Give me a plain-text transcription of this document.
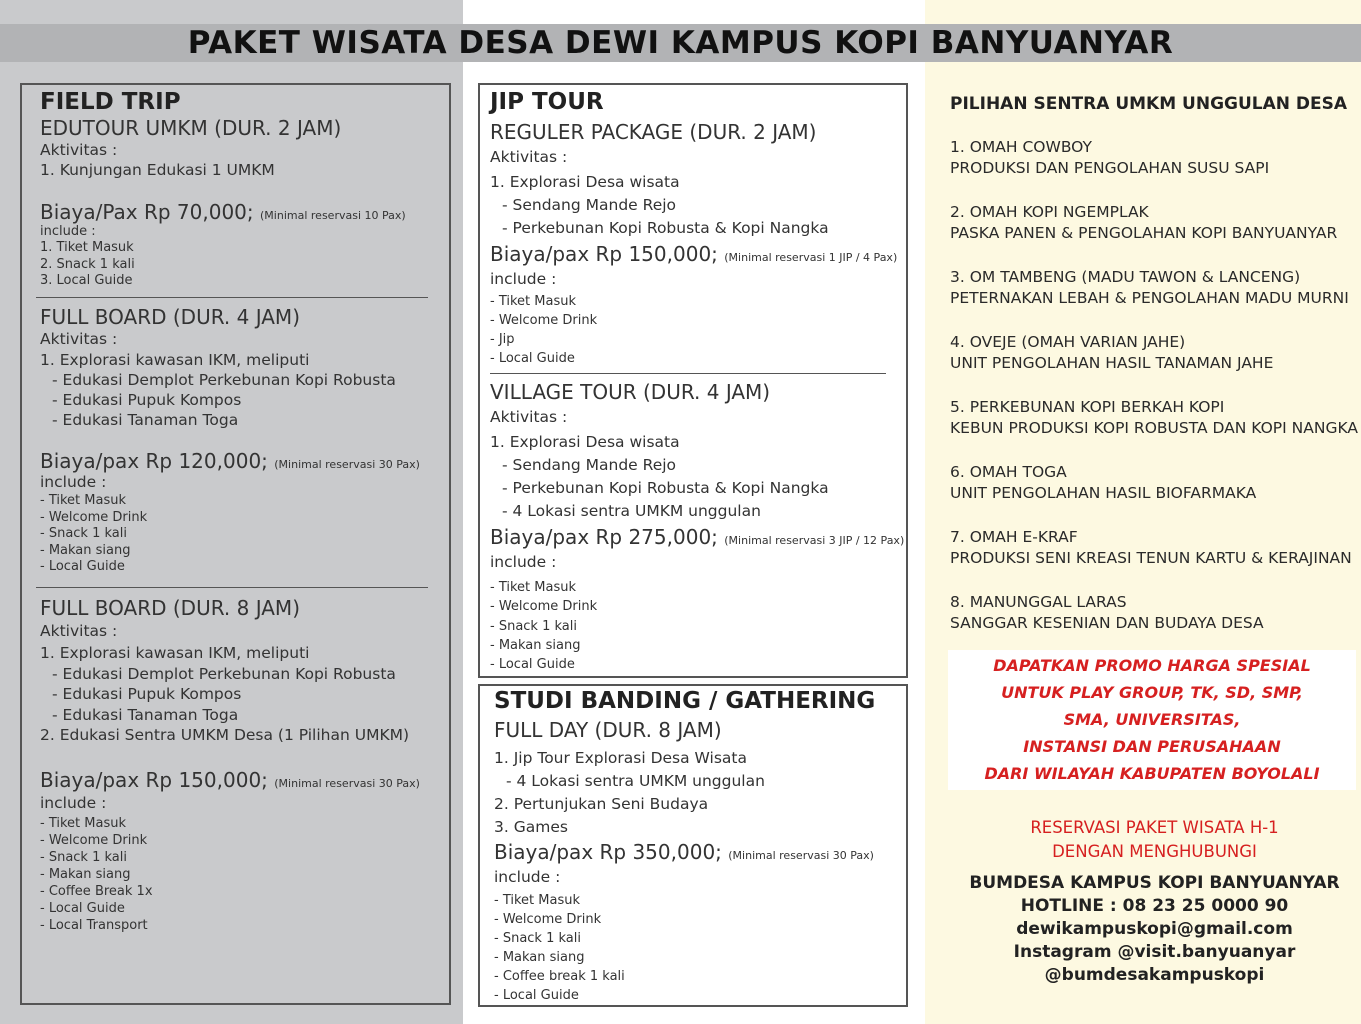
PAKET WISATA DESA DEWI KAMPUS KOPI BANYUANYAR
FIELD TRIP
EDUTOUR UMKM (DUR. 2 JAM)
Aktivitas :
1. Kunjungan Edukasi 1 UMKM
Biaya/Pax Rp 70,000; (Minimal reservasi 10 Pax)
include :
1. Tiket Masuk
2. Snack 1 kali
3. Local Guide
FULL BOARD (DUR. 4 JAM)
Aktivitas :
1. Explorasi kawasan IKM, meliputi
- Edukasi Demplot Perkebunan Kopi Robusta
- Edukasi Pupuk Kompos
- Edukasi Tanaman Toga
Biaya/pax Rp 120,000; (Minimal reservasi 30 Pax)
include :
- Tiket Masuk
- Welcome Drink
- Snack 1 kali
- Makan siang
- Local Guide
FULL BOARD (DUR. 8 JAM)
Aktivitas :
1. Explorasi kawasan IKM, meliputi
- Edukasi Demplot Perkebunan Kopi Robusta
- Edukasi Pupuk Kompos
- Edukasi Tanaman Toga
2. Edukasi Sentra UMKM Desa (1 Pilihan UMKM)
Biaya/pax Rp 150,000; (Minimal reservasi 30 Pax)
include :
- Tiket Masuk
- Welcome Drink
- Snack 1 kali
- Makan siang
- Coffee Break 1x
- Local Guide
- Local Transport
JIP TOUR
REGULER PACKAGE (DUR. 2 JAM)
Aktivitas :
1. Explorasi Desa wisata
- Sendang Mande Rejo
- Perkebunan Kopi Robusta & Kopi Nangka
Biaya/pax Rp 150,000; (Minimal reservasi 1 JIP / 4 Pax)
include :
- Tiket Masuk
- Welcome Drink
- Jip
- Local Guide
VILLAGE TOUR (DUR. 4 JAM)
Aktivitas :
1. Explorasi Desa wisata
- Sendang Mande Rejo
- Perkebunan Kopi Robusta & Kopi Nangka
- 4 Lokasi sentra UMKM unggulan
Biaya/pax Rp 275,000; (Minimal reservasi 3 JIP / 12 Pax)
include :
- Tiket Masuk
- Welcome Drink
- Snack 1 kali
- Makan siang
- Local Guide
STUDI BANDING / GATHERING
FULL DAY (DUR. 8 JAM)
1. Jip Tour Explorasi Desa Wisata
- 4 Lokasi sentra UMKM unggulan
2. Pertunjukan Seni Budaya
3. Games
Biaya/pax Rp 350,000; (Minimal reservasi 30 Pax)
include :
- Tiket Masuk
- Welcome Drink
- Snack 1 kali
- Makan siang
- Coffee break 1 kali
- Local Guide
PILIHAN SENTRA UMKM UNGGULAN DESA
1. OMAH COWBOY
PRODUKSI DAN PENGOLAHAN SUSU SAPI
2. OMAH KOPI NGEMPLAK
PASKA PANEN & PENGOLAHAN KOPI BANYUANYAR
3. OM TAMBENG (MADU TAWON & LANCENG)
PETERNAKAN LEBAH & PENGOLAHAN MADU MURNI
4. OVEJE (OMAH VARIAN JAHE)
UNIT PENGOLAHAN HASIL TANAMAN JAHE
5. PERKEBUNAN KOPI BERKAH KOPI
KEBUN PRODUKSI KOPI ROBUSTA DAN KOPI NANGKA
6. OMAH TOGA
UNIT PENGOLAHAN HASIL BIOFARMAKA
7. OMAH E-KRAF
PRODUKSI SENI KREASI TENUN KARTU & KERAJINAN
8. MANUNGGAL LARAS
SANGGAR KESENIAN DAN BUDAYA DESA
DAPATKAN PROMO HARGA SPESIAL
UNTUK PLAY GROUP, TK, SD, SMP,
SMA, UNIVERSITAS,
INSTANSI DAN PERUSAHAAN
DARI WILAYAH KABUPATEN BOYOLALI
RESERVASI PAKET WISATA H-1
DENGAN MENGHUBUNGI
BUMDESA KAMPUS KOPI BANYUANYAR
HOTLINE : 08 23 25 0000 90
dewikampuskopi@gmail.com
Instagram @visit.banyuanyar
@bumdesakampuskopi
